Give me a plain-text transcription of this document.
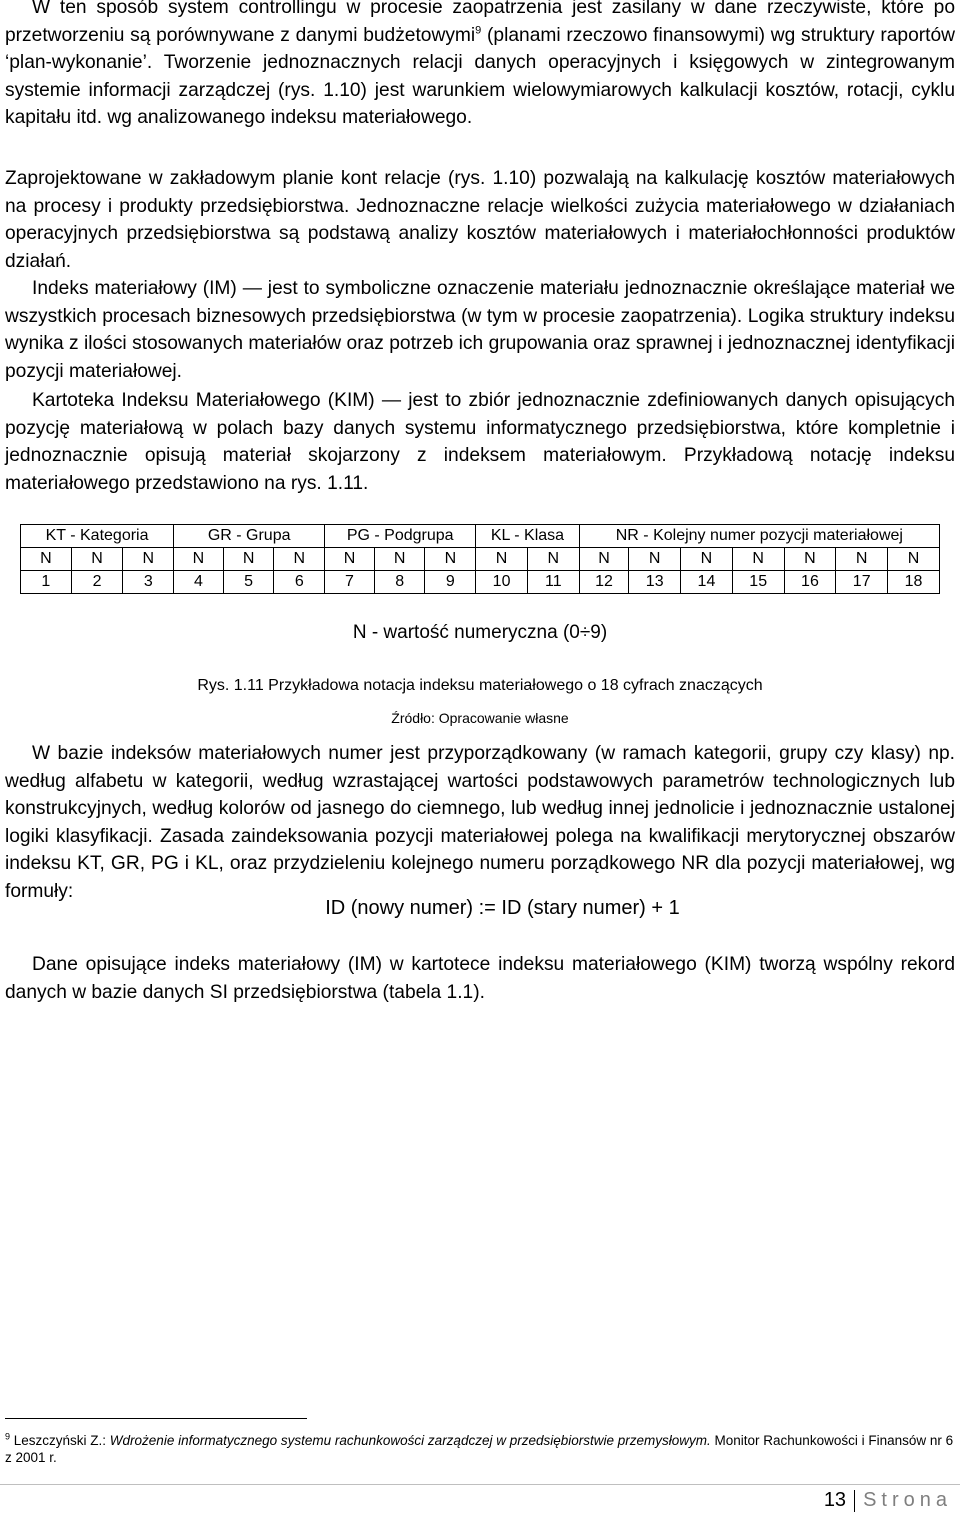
W ten sposób system controllingu w procesie zaopatrzenia jest zasilany w dane rzeczywiste, które po przetworzeniu są porównywane z danymi budżetowymi$^9$ (planami rzeczowo finansowymi) wg struktury raportów ‘plan-wykonanie’. Tworzenie jednoznacznych relacji danych operacyjnych i księgowych w zintegrowanym systemie informacji zarządczej (rys. 1.10) jest warunkiem wielowymiarowych kalkulacji kosztów, rotacji, cyklu kapitału itd. wg analizowanego indeksu materiałowego.

Zaprojektowane w zakładowym planie kont relacje (rys. 1.10) pozwalają na kalkulację kosztów materiałowych na procesy i produkty przedsiębiorstwa. Jednoznaczne relacje wielkości zużycia materiałowego w działaniach operacyjnych przedsiębiorstwa są podstawą analizy kosztów materiałowych i materiałochłonności produktów działań.

Indeks materiałowy (IM) — jest to symboliczne oznaczenie materiału jednoznacznie określające materiał we wszystkich procesach biznesowych przedsiębiorstwa (w tym w procesie zaopatrzenia). Logika struktury indeksu wynika z ilości stosowanych materiałów oraz potrzeb ich grupowania oraz sprawnej i jednoznacznej identyfikacji pozycji materiałowej.

Kartoteka Indeksu Materiałowego (KIM) — jest to zbiór jednoznacznie zdefiniowanych danych opisujących pozycję materiałową w polach bazy danych systemu informatycznego przedsiębiorstwa, które kompletnie i jednoznacznie opisują materiał skojarzony z indeksem materiałowym. Przykładową notację indeksu materiałowego przedstawiono na rys. 1.11.

KT - Kategoria			GR - Grupa			PG - Podgrupa			KL - Klasa		NR - Kolejny numer pozycji materiałowej						
N	N	N	N	N	N	N	N	N	N	N	N	N	N	N	N	N	N
1	2	3	4	5	6	7	8	9	10	11	12	13	14	15	16	17	18
N - wartość numeryczna (0÷9)
Rys. 1.11 Przykładowa notacja indeksu materiałowego o 18 cyfrach znaczących
Źródło: Opracowanie własne

W bazie indeksów materiałowych numer jest przyporządkowany (w ramach kategorii, grupy czy klasy) np. według alfabetu w kategorii, według wzrastającej wartości podstawowych parametrów technologicznych lub konstrukcyjnych, według kolorów od jasnego do ciemnego, lub według innej jednolicie i jednoznacznie ustalonej logiki klasyfikacji. Zasada zaindeksowania pozycji materiałowej polega na kwalifikacji merytorycznej obszarów indeksu KT, GR, PG i KL, oraz przydzieleniu kolejnego numeru porządkowego NR dla pozycji materiałowej, wg formuły:

ID (nowy numer) := ID (stary numer) + 1

Dane opisujące indeks materiałowy (IM) w kartotece indeksu materiałowego (KIM) tworzą wspólny rekord danych w bazie danych SI przedsiębiorstwa (tabela 1.1).

$^9$ Leszczyński Z.: Wdrożenie informatycznego systemu rachunkowości zarządczej w przedsiębiorstwie przemysłowym. Monitor Rachunkowości i Finansów nr 6 z 2001 r.

13 Strona
